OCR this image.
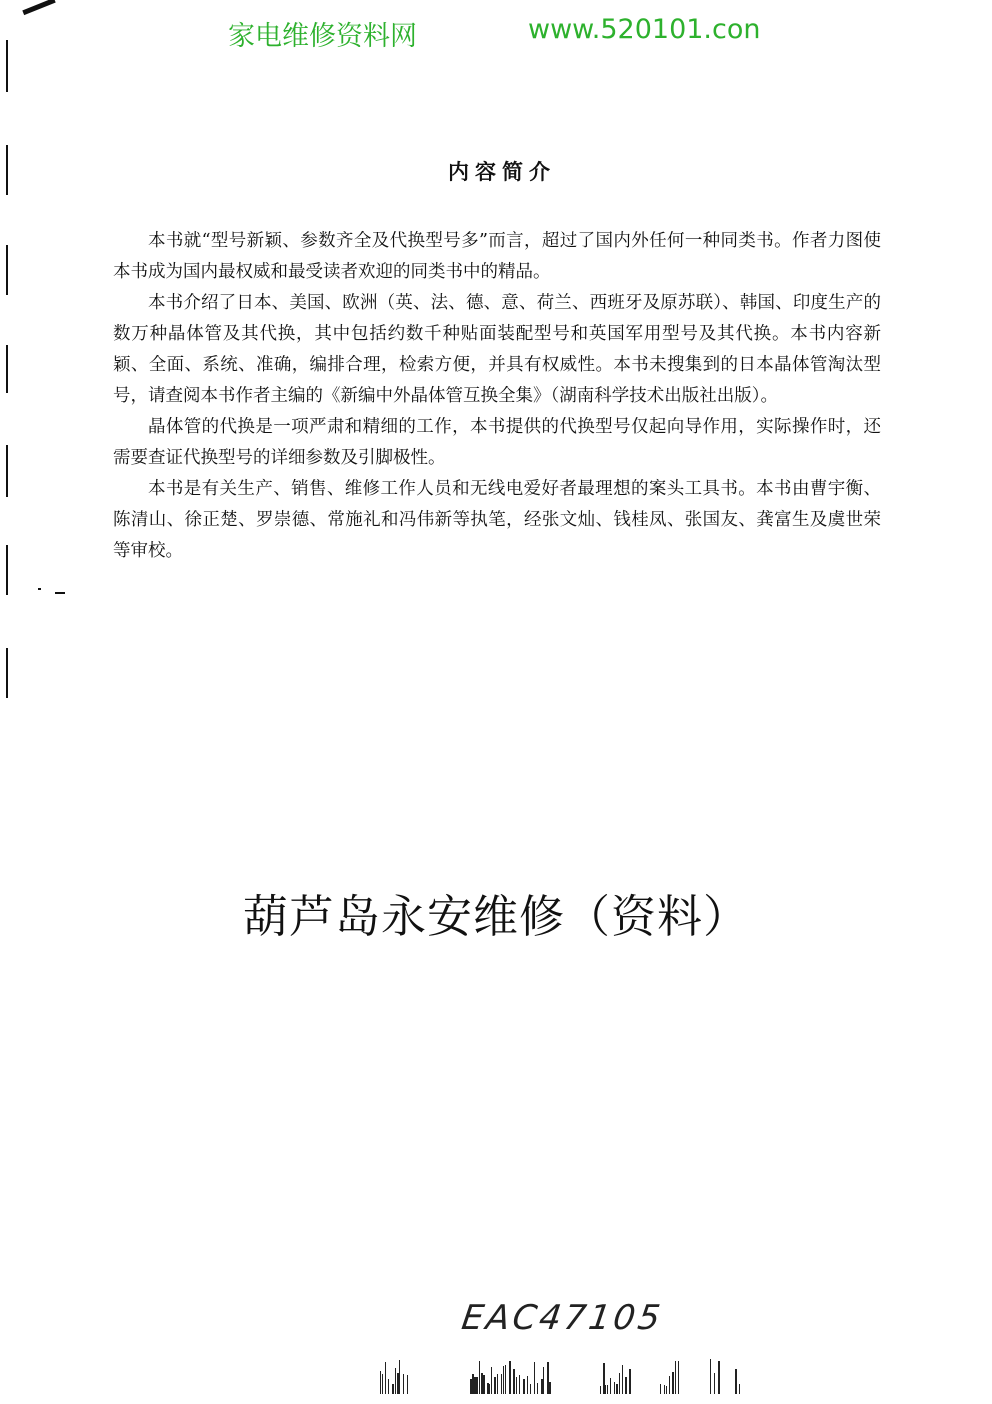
家电维修资料网	www.520101.con
内容简介

本书就“型号新颖、参数齐全及代换型号多”而言，超过了国内外任何一种同类书。作者力图使本书成为国内最权威和最受读者欢迎的同类书中的精品。

本书介绍了日本、美国、欧洲（英、法、德、意、荷兰、西班牙及原苏联）、韩国、印度生产的数万种晶体管及其代换，其中包括约数千种贴面装配型号和英国军用型号及其代换。本书内容新颖、全面、系统、准确，编排合理，检索方便，并具有权威性。本书未搜集到的日本晶体管淘汰型号，请查阅本书作者主编的《新编中外晶体管互换全集》（湖南科学技术出版社出版）。

晶体管的代换是一项严肃和精细的工作，本书提供的代换型号仅起向导作用，实际操作时，还需要查证代换型号的详细参数及引脚极性。

本书是有关生产、销售、维修工作人员和无线电爱好者最理想的案头工具书。本书由曹宇衡、陈清山、徐正楚、罗崇德、常施礼和冯伟新等执笔，经张文灿、钱桂凤、张国友、龚富生及虞世荣等审校。

葫芦岛永安维修（资料）
EAC47105
